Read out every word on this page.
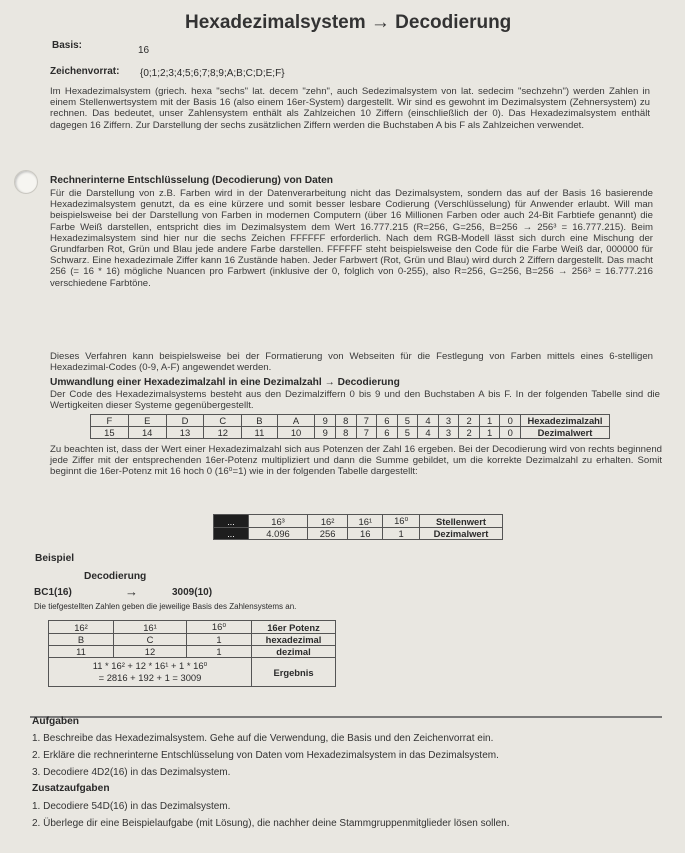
Hexadezimalsystem → Decodierung
Basis:	16
Zeichenvorrat: {0;1;2;3;4;5;6;7;8;9;A;B;C;D;E;F}
Im Hexadezimalsystem (griech. hexa "sechs" lat. decem "zehn", auch Sedezimalsystem von lat. sedecim "sechzehn") werden Zahlen in einem Stellenwertsystem mit der Basis 16 (also einem 16er-System) dargestellt. Wir sind es gewohnt im Dezimalsystem (Zehnersystem) zu rechnen. Das bedeutet, unser Zahlensystem enthält als Zahlzeichen 10 Ziffern (einschließlich der 0). Das Hexadezimalsystem enthält dagegen 16 Ziffern. Zur Darstellung der sechs zusätzlichen Ziffern werden die Buchstaben A bis F als Zahlzeichen verwendet.
Rechnerinterne Entschlüsselung (Decodierung) von Daten
Für die Darstellung von z.B. Farben wird in der Datenverarbeitung nicht das Dezimalsystem, sondern das auf der Basis 16 basierende Hexadezimalsystem genutzt, da es eine kürzere und somit besser lesbare Codierung (Verschlüsselung) für Anwender erlaubt. Will man beispielsweise bei der Darstellung von Farben in modernen Computern (über 16 Millionen Farben oder auch 24-Bit Farbtiefe genannt) die Farbe Weiß darstellen, entspricht dies im Dezimalsystem dem Wert 16.777.215 (R=256, G=256, B=256 → 256³ = 16.777.215). Beim Hexadezimalsystem sind hier nur die sechs Zeichen FFFFFF erforderlich. Nach dem RGB-Modell lässt sich durch eine Mischung der Grundfarben Rot, Grün und Blau jede andere Farbe darstellen. FFFFFF steht beispielsweise den Code für die Farbe Weiß dar, 000000 für Schwarz. Eine hexadezimale Ziffer kann 16 Zustände haben. Jeder Farbwert (Rot, Grün und Blau) wird durch 2 Ziffern dargestellt. Das macht 256 (= 16 * 16) mögliche Nuancen pro Farbwert (inklusive der 0, folglich von 0-255), also R=256, G=256, B=256 → 256³ = 16.777.216 verschiedene Farbtöne.
Dieses Verfahren kann beispielsweise bei der Formatierung von Webseiten für die Festlegung von Farben mittels eines 6-stelligen Hexadezimal-Codes (0-9, A-F) angewendet werden.
Umwandlung einer Hexadezimalzahl in eine Dezimalzahl → Decodierung
Der Code des Hexadezimalsystems besteht aus den Dezimalziffern 0 bis 9 und den Buchstaben A bis F. In der folgenden Tabelle sind die Wertigkeiten dieser Systeme gegenübergestellt.
F	E	D	C	B	A	9	8	7	6	5	4	3	2	1	0	Hexadezimalzahl
15	14	13	12	11	10	9	8	7	6	5	4	3	2	1	0	Dezimalwert
Zu beachten ist, dass der Wert einer Hexadezimalzahl sich aus Potenzen der Zahl 16 ergeben. Bei der Decodierung wird von rechts beginnend jede Ziffer mit der entsprechenden 16er-Potenz multipliziert und dann die Summe gebildet, um die korrekte Dezimalzahl zu erhalten. Somit beginnt die 16er-Potenz mit 16 hoch 0 (16⁰=1) wie in der folgenden Tabelle dargestellt:
...	16³	16²	16¹	16⁰	Stellenwert
...	4.096	256	16	1	Dezimalwert
Beispiel
Decodierung
BC1(16)	→	3009(10)
Die tiefgestellten Zahlen geben die jeweilige Basis des Zahlensystems an.
16²	16¹	16⁰	16er Potenz
B	C	1	hexadezimal
11	12	1	dezimal

11 * 16² + 12 * 16¹ + 1 * 16⁰
= 2816 + 192 + 1 = 3009			Ergebnis
Aufgaben
1. Beschreibe das Hexadezimalsystem. Gehe auf die Verwendung, die Basis und den Zeichenvorrat ein.
2. Erkläre die rechnerinterne Entschlüsselung von Daten vom Hexadezimalsystem in das Dezimalsystem.
3. Decodiere 4D2(16) in das Dezimalsystem.
Zusatzaufgaben
1. Decodiere 54D(16) in das Dezimalsystem.
2. Überlege dir eine Beispielaufgabe (mit Lösung), die nachher deine Stammgruppenmitglieder lösen sollen.
